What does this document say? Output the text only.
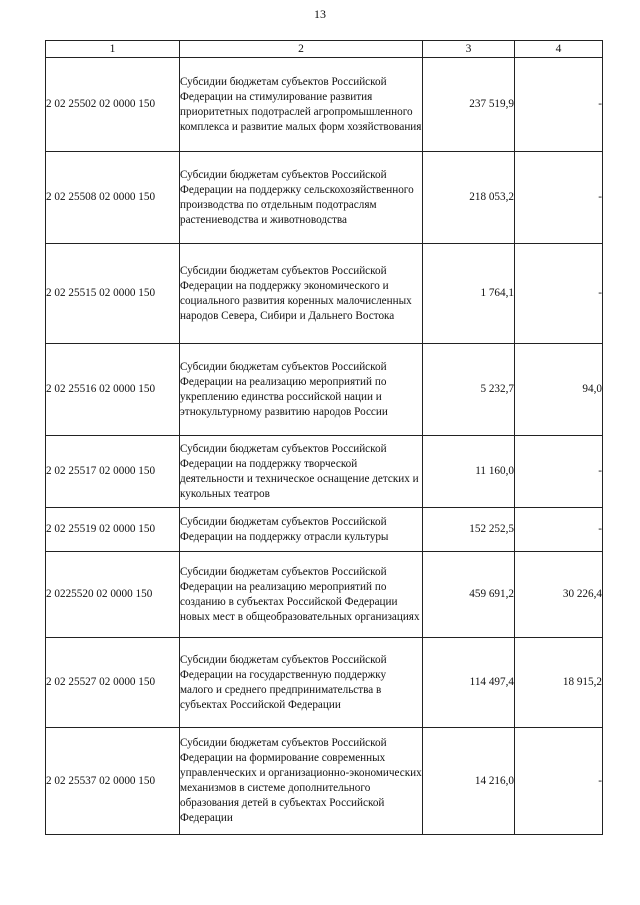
13
1	2	3	4
2 02 25502 02 0000 150	Субсидии бюджетам субъектов Российской Федерации на стимулирование развития приоритетных подотраслей агропромышленного комплекса и развитие малых форм хозяйствования	237 519,9	-
2 02 25508 02 0000 150	Субсидии бюджетам субъектов Российской Федерации на поддержку сельскохозяйственного производства по отдельным подотраслям растениеводства и животноводства	218 053,2	-
2 02 25515 02 0000 150	Субсидии бюджетам субъектов Российской Федерации на поддержку экономического и социального развития коренных малочисленных народов Севера, Сибири и Дальнего Востока	1 764,1	-
2 02 25516 02 0000 150	Субсидии бюджетам субъектов Российской Федерации на реализацию мероприятий по укреплению единства российской нации и этнокультурному развитию народов России	5 232,7	94,0
2 02 25517 02 0000 150	Субсидии бюджетам субъектов Российской Федерации на поддержку творческой деятельности и техническое оснащение детских и кукольных театров	11 160,0	-
2 02 25519 02 0000 150	Субсидии бюджетам субъектов Российской Федерации на поддержку отрасли культуры	152 252,5	-
2 0225520 02 0000 150	Субсидии бюджетам субъектов Российской Федерации на реализацию мероприятий по созданию в субъектах Российской Федерации новых мест в общеобразовательных организациях	459 691,2	30 226,4
2 02 25527 02 0000 150	Субсидии бюджетам субъектов Российской Федерации на государственную поддержку малого и среднего предпринимательства в субъектах Российской Федерации	114 497,4	18 915,2
2 02 25537 02 0000 150	Субсидии бюджетам субъектов Российской Федерации на формирование современных управленческих и организационно-экономических механизмов в системе дополнительного образования детей в субъектах Российской Федерации	14 216,0	-
